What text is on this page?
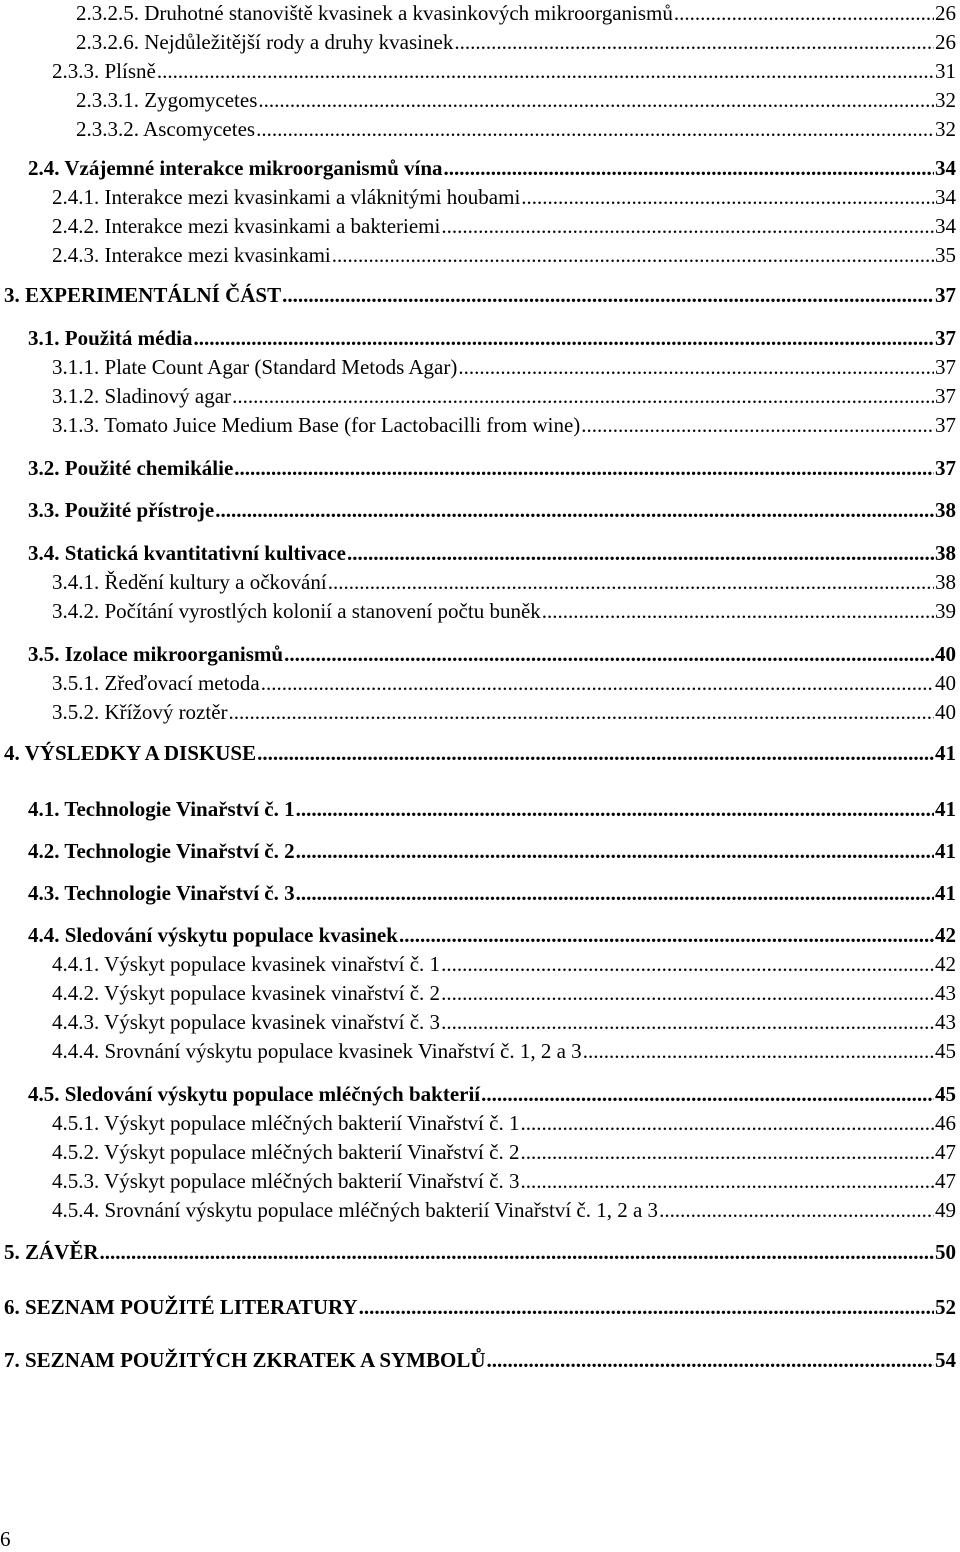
2.3.2.5. Druhotné stanoviště kvasinek a kvasinkových mikroorganismů .....	26
2.3.2.6. Nejdůležitější rody a druhy kvasinek .....	26
2.3.3. Plísně .....	31
2.3.3.1. Zygomycetes .....	32
2.3.3.2. Ascomycetes .....	32
2.4. Vzájemné interakce mikroorganismů vína .....	34
2.4.1. Interakce mezi kvasinkami a vláknitými houbami .....	34
2.4.2. Interakce mezi kvasinkami a bakteriemi .....	34
2.4.3. Interakce mezi kvasinkami .....	35
3. EXPERIMENTÁLNÍ ČÁST .....	37
3.1. Použitá média .....	37
3.1.1. Plate Count Agar (Standard Metods Agar) .....	37
3.1.2. Sladinový agar .....	37
3.1.3. Tomato Juice Medium Base (for Lactobacilli from wine) .....	37
3.2. Použité chemikálie .....	37
3.3. Použité přístroje .....	38
3.4. Statická kvantitativní kultivace .....	38
3.4.1. Ředění kultury a očkování .....	38
3.4.2. Počítání vyrostlých kolonií a stanovení počtu buněk .....	39
3.5. Izolace mikroorganismů .....	40
3.5.1. Zřeďovací metoda .....	40
3.5.2. Křížový roztěr .....	40
4. VÝSLEDKY A DISKUSE .....	41
4.1. Technologie Vinařství č. 1 .....	41
4.2. Technologie Vinařství č. 2 .....	41
4.3. Technologie Vinařství č. 3 .....	41
4.4. Sledování výskytu populace kvasinek .....	42
4.4.1. Výskyt populace kvasinek vinařství č. 1 .....	42
4.4.2. Výskyt populace kvasinek vinařství č. 2 .....	43
4.4.3. Výskyt populace kvasinek vinařství č. 3 .....	43
4.4.4. Srovnání výskytu populace kvasinek Vinařství č. 1, 2 a 3 .....	45
4.5. Sledování výskytu populace mléčných bakterií .....	45
4.5.1. Výskyt populace mléčných bakterií Vinařství č. 1 .....	46
4.5.2. Výskyt populace mléčných bakterií Vinařství č. 2 .....	47
4.5.3. Výskyt populace mléčných bakterií Vinařství č. 3 .....	47
4.5.4. Srovnání výskytu populace mléčných bakterií Vinařství č. 1, 2 a 3 .....	49
5. ZÁVĚR .....	50
6. SEZNAM POUŽITÉ LITERATURY .....	52
7. SEZNAM POUŽITÝCH ZKRATEK A SYMBOLŮ .....	54
6
